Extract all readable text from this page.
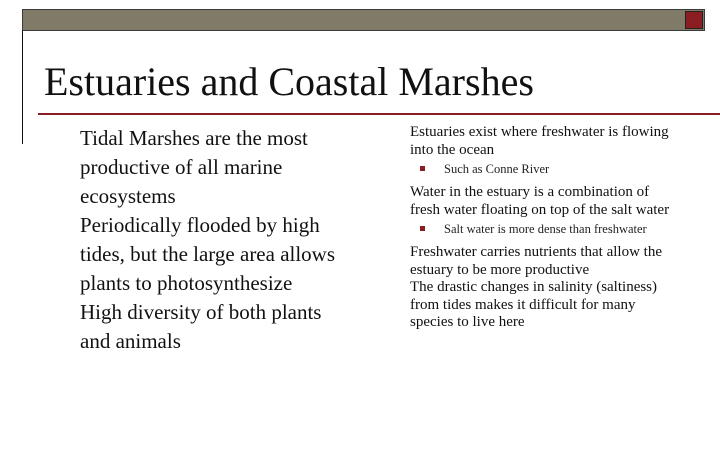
Estuaries and Coastal Marshes
Tidal Marshes are the most productive of all marine ecosystems
Periodically flooded by high tides, but the large area allows plants to photosynthesize
High diversity of both plants and animals
Estuaries exist where freshwater is flowing into the ocean
Such as Conne River
Water in the estuary is a combination of fresh water floating on top of the salt water
Salt water is more dense than freshwater
Freshwater carries nutrients that allow the estuary to be more productive
The drastic changes in salinity (saltiness) from tides makes it difficult for many species to live here
